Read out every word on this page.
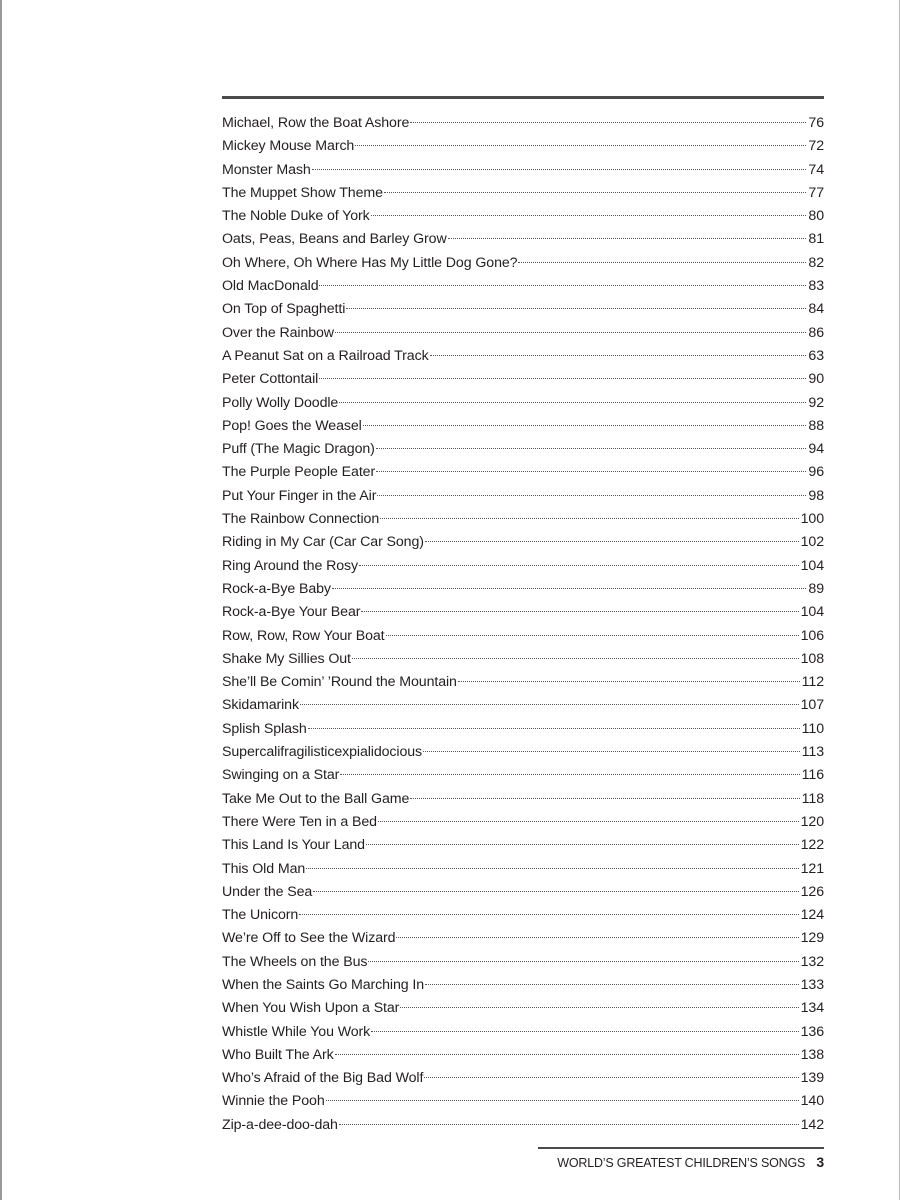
Michael, Row the Boat Ashore	76
Mickey Mouse March	72
Monster Mash	74
The Muppet Show Theme	77
The Noble Duke of York	80
Oats, Peas, Beans and Barley Grow	81
Oh Where, Oh Where Has My Little Dog Gone?	82
Old MacDonald	83
On Top of Spaghetti	84
Over the Rainbow	86
A Peanut Sat on a Railroad Track	63
Peter Cottontail	90
Polly Wolly Doodle	92
Pop! Goes the Weasel	88
Puff (The Magic Dragon)	94
The Purple People Eater	96
Put Your Finger in the Air	98
The Rainbow Connection	100
Riding in My Car (Car Car Song)	102
Ring Around the Rosy	104
Rock-a-Bye Baby	89
Rock-a-Bye Your Bear	104
Row, Row, Row Your Boat	106
Shake My Sillies Out	108
She’ll Be Comin’ ’Round the Mountain	112
Skidamarink	107
Splish Splash	110
Supercalifragilisticexpialidocious	113
Swinging on a Star	116
Take Me Out to the Ball Game	118
There Were Ten in a Bed	120
This Land Is Your Land	122
This Old Man	121
Under the Sea	126
The Unicorn	124
We’re Off to See the Wizard	129
The Wheels on the Bus	132
When the Saints Go Marching In	133
When You Wish Upon a Star	134
Whistle While You Work	136
Who Built The Ark	138
Who’s Afraid of the Big Bad Wolf	139
Winnie the Pooh	140
Zip-a-dee-doo-dah	142
WORLD’S GREATEST CHILDREN’S SONGS 3
